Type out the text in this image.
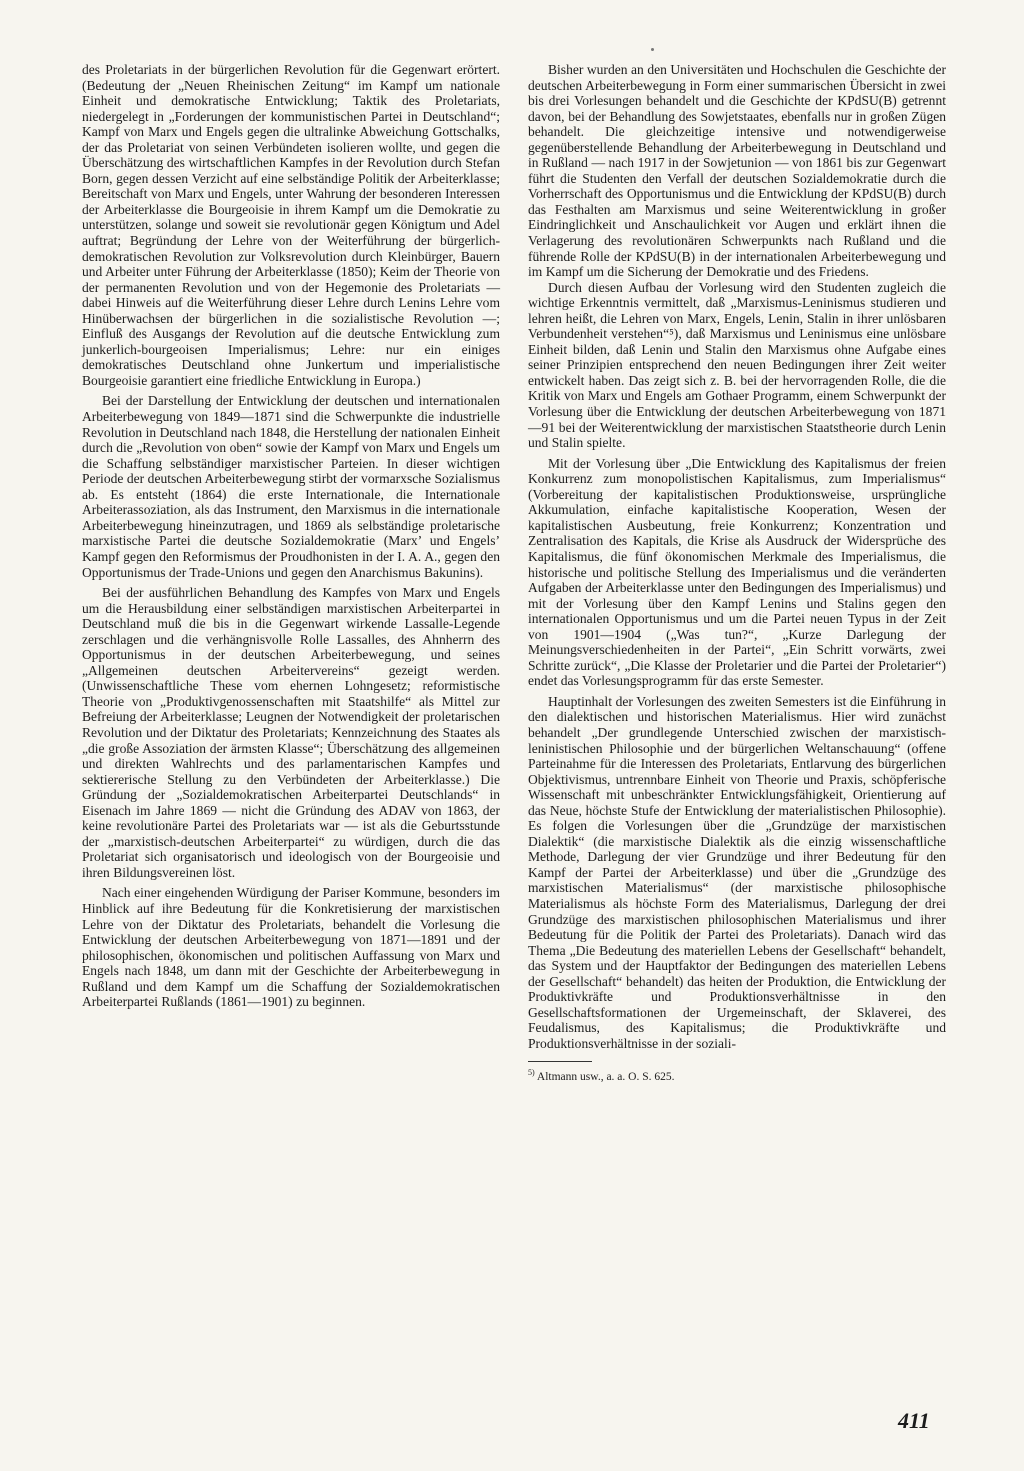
des Proletariats in der bürgerlichen Revolution für die Gegenwart erörtert. (Bedeutung der „Neuen Rheinischen Zeitung“ im Kampf um nationale Einheit und demokratische Entwicklung; Taktik des Proletariats, niedergelegt in „Forderungen der kommunistischen Partei in Deutschland“; Kampf von Marx und Engels gegen die ultralinke Abweichung Gottschalks, der das Proletariat von seinen Verbündeten isolieren wollte, und gegen die Überschätzung des wirtschaftlichen Kampfes in der Revolution durch Stefan Born, gegen dessen Verzicht auf eine selbständige Politik der Arbeiterklasse; Bereitschaft von Marx und Engels, unter Wahrung der besonderen Interessen der Arbeiterklasse die Bourgeoisie in ihrem Kampf um die Demokratie zu unterstützen, solange und soweit sie revolutionär gegen Königtum und Adel auftrat; Begründung der Lehre von der Weiterführung der bürgerlich-demokratischen Revolution zur Volksrevolution durch Kleinbürger, Bauern und Arbeiter unter Führung der Arbeiterklasse (1850); Keim der Theorie von der permanenten Revolution und von der Hegemonie des Proletariats — dabei Hinweis auf die Weiterführung dieser Lehre durch Lenins Lehre vom Hinüberwachsen der bürgerlichen in die sozialistische Revolution —; Einfluß des Ausgangs der Revolution auf die deutsche Entwicklung zum junkerlich-bourgeoisen Imperialismus; Lehre: nur ein einiges demokratisches Deutschland ohne Junkertum und imperialistische Bourgeoisie garantiert eine friedliche Entwicklung in Europa.)

Bei der Darstellung der Entwicklung der deutschen und internationalen Arbeiterbewegung von 1849—1871 sind die Schwerpunkte die industrielle Revolution in Deutschland nach 1848, die Herstellung der nationalen Einheit durch die „Revolution von oben“ sowie der Kampf von Marx und Engels um die Schaffung selbständiger marxistischer Parteien. In dieser wichtigen Periode der deutschen Arbeiterbewegung stirbt der vormarxsche Sozialismus ab. Es entsteht (1864) die erste Internationale, die Internationale Arbeiterassoziation, als das Instrument, den Marxismus in die internationale Arbeiterbewegung hineinzutragen, und 1869 als selbständige proletarische marxistische Partei die deutsche Sozialdemokratie (Marx’ und Engels’ Kampf gegen den Reformismus der Proudhonisten in der I. A. A., gegen den Opportunismus der Trade-Unions und gegen den Anarchismus Bakunins).

Bei der ausführlichen Behandlung des Kampfes von Marx und Engels um die Herausbildung einer selbständigen marxistischen Arbeiterpartei in Deutschland muß die bis in die Gegenwart wirkende Lassalle-Legende zerschlagen und die verhängnisvolle Rolle Lassalles, des Ahnherrn des Opportunismus in der deutschen Arbeiterbewegung, und seines „Allgemeinen deutschen Arbeitervereins“ gezeigt werden. (Unwissenschaftliche These vom ehernen Lohngesetz; reformistische Theorie von „Produktivgenossenschaften mit Staatshilfe“ als Mittel zur Befreiung der Arbeiterklasse; Leugnen der Notwendigkeit der proletarischen Revolution und der Diktatur des Proletariats; Kennzeichnung des Staates als „die große Assoziation der ärmsten Klasse“; Überschätzung des allgemeinen und direkten Wahlrechts und des parlamentarischen Kampfes und sektiererische Stellung zu den Verbündeten der Arbeiterklasse.) Die Gründung der „Sozialdemokratischen Arbeiterpartei Deutschlands“ in Eisenach im Jahre 1869 — nicht die Gründung des ADAV von 1863, der keine revolutionäre Partei des Proletariats war — ist als die Geburtsstunde der „marxistisch-deutschen Arbeiterpartei“ zu würdigen, durch die das Proletariat sich organisatorisch und ideologisch von der Bourgeoisie und ihren Bildungsvereinen löst.

Nach einer eingehenden Würdigung der Pariser Kommune, besonders im Hinblick auf ihre Bedeutung für die Konkretisierung der marxistischen Lehre von der Diktatur des Proletariats, behandelt die Vorlesung die Entwicklung der deutschen Arbeiterbewegung von 1871—1891 und der philosophischen, ökonomischen und politischen Auffassung von Marx und Engels nach 1848, um dann mit der Geschichte der Arbeiterbewegung in Rußland und dem Kampf um die Schaffung der Sozialdemokratischen Arbeiterpartei Rußlands (1861—1901) zu beginnen.

Bisher wurden an den Universitäten und Hochschulen die Geschichte der deutschen Arbeiterbewegung in Form einer summarischen Übersicht in zwei bis drei Vorlesungen behandelt und die Geschichte der KPdSU(B) getrennt davon, bei der Behandlung des Sowjetstaates, ebenfalls nur in großen Zügen behandelt. Die gleichzeitige intensive und notwendigerweise gegenüberstellende Behandlung der Arbeiterbewegung in Deutschland und in Rußland — nach 1917 in der Sowjetunion — von 1861 bis zur Gegenwart führt die Studenten den Verfall der deutschen Sozialdemokratie durch die Vorherrschaft des Opportunismus und die Entwicklung der KPdSU(B) durch das Festhalten am Marxismus und seine Weiterentwicklung in großer Eindringlichkeit und Anschaulichkeit vor Augen und erklärt ihnen die Verlagerung des revolutionären Schwerpunkts nach Rußland und die führende Rolle der KPdSU(B) in der internationalen Arbeiterbewegung und im Kampf um die Sicherung der Demokratie und des Friedens.

Durch diesen Aufbau der Vorlesung wird den Studenten zugleich die wichtige Erkenntnis vermittelt, daß „Marxismus-Leninismus studieren und lehren heißt, die Lehren von Marx, Engels, Lenin, Stalin in ihrer unlösbaren Verbundenheit verstehen“⁵), daß Marxismus und Leninismus eine unlösbare Einheit bilden, daß Lenin und Stalin den Marxismus ohne Aufgabe eines seiner Prinzipien entsprechend den neuen Bedingungen ihrer Zeit weiter entwickelt haben. Das zeigt sich z. B. bei der hervorragenden Rolle, die die Kritik von Marx und Engels am Gothaer Programm, einem Schwerpunkt der Vorlesung über die Entwicklung der deutschen Arbeiterbewegung von 1871—91 bei der Weiterentwicklung der marxistischen Staatstheorie durch Lenin und Stalin spielte.

Mit der Vorlesung über „Die Entwicklung des Kapitalismus der freien Konkurrenz zum monopolistischen Kapitalismus, zum Imperialismus“ (Vorbereitung der kapitalistischen Produktionsweise, ursprüngliche Akkumulation, einfache kapitalistische Kooperation, Wesen der kapitalistischen Ausbeutung, freie Konkurrenz; Konzentration und Zentralisation des Kapitals, die Krise als Ausdruck der Widersprüche des Kapitalismus, die fünf ökonomischen Merkmale des Imperialismus, die historische und politische Stellung des Imperialismus und die veränderten Aufgaben der Arbeiterklasse unter den Bedingungen des Imperialismus) und mit der Vorlesung über den Kampf Lenins und Stalins gegen den internationalen Opportunismus und um die Partei neuen Typus in der Zeit von 1901—1904 („Was tun?“, „Kurze Darlegung der Meinungsverschiedenheiten in der Partei“, „Ein Schritt vorwärts, zwei Schritte zurück“, „Die Klasse der Proletarier und die Partei der Proletarier“) endet das Vorlesungsprogramm für das erste Semester.

Hauptinhalt der Vorlesungen des zweiten Semesters ist die Einführung in den dialektischen und historischen Materialismus. Hier wird zunächst behandelt „Der grundlegende Unterschied zwischen der marxistisch-leninistischen Philosophie und der bürgerlichen Weltanschauung“ (offene Parteinahme für die Interessen des Proletariats, Entlarvung des bürgerlichen Objektivismus, untrennbare Einheit von Theorie und Praxis, schöpferische Wissenschaft mit unbeschränkter Entwicklungsfähigkeit, Orientierung auf das Neue, höchste Stufe der Entwicklung der materialistischen Philosophie). Es folgen die Vorlesungen über die „Grundzüge der marxistischen Dialektik“ (die marxistische Dialektik als die einzig wissenschaftliche Methode, Darlegung der vier Grundzüge und ihrer Bedeutung für den Kampf der Partei der Arbeiterklasse) und über die „Grundzüge des marxistischen Materialismus“ (der marxistische philosophische Materialismus als höchste Form des Materialismus, Darlegung der drei Grundzüge des marxistischen philosophischen Materialismus und ihrer Bedeutung für die Politik der Partei des Proletariats). Danach wird das Thema „Die Bedeutung des materiellen Lebens der Gesellschaft“ behandelt, das System und der Hauptfaktor der Bedingungen des materiellen Lebens der Gesellschaft“ behandelt) das heiten der Produktion, die Entwicklung der Produktivkräfte und Produktionsverhältnisse in den Gesellschaftsformationen der Urgemeinschaft, der Sklaverei, des Feudalismus, des Kapitalismus; die Produktivkräfte und Produktionsverhältnisse in der soziali-

$^{5)}$ Altmann usw., a. a. O. S. 625.

411
